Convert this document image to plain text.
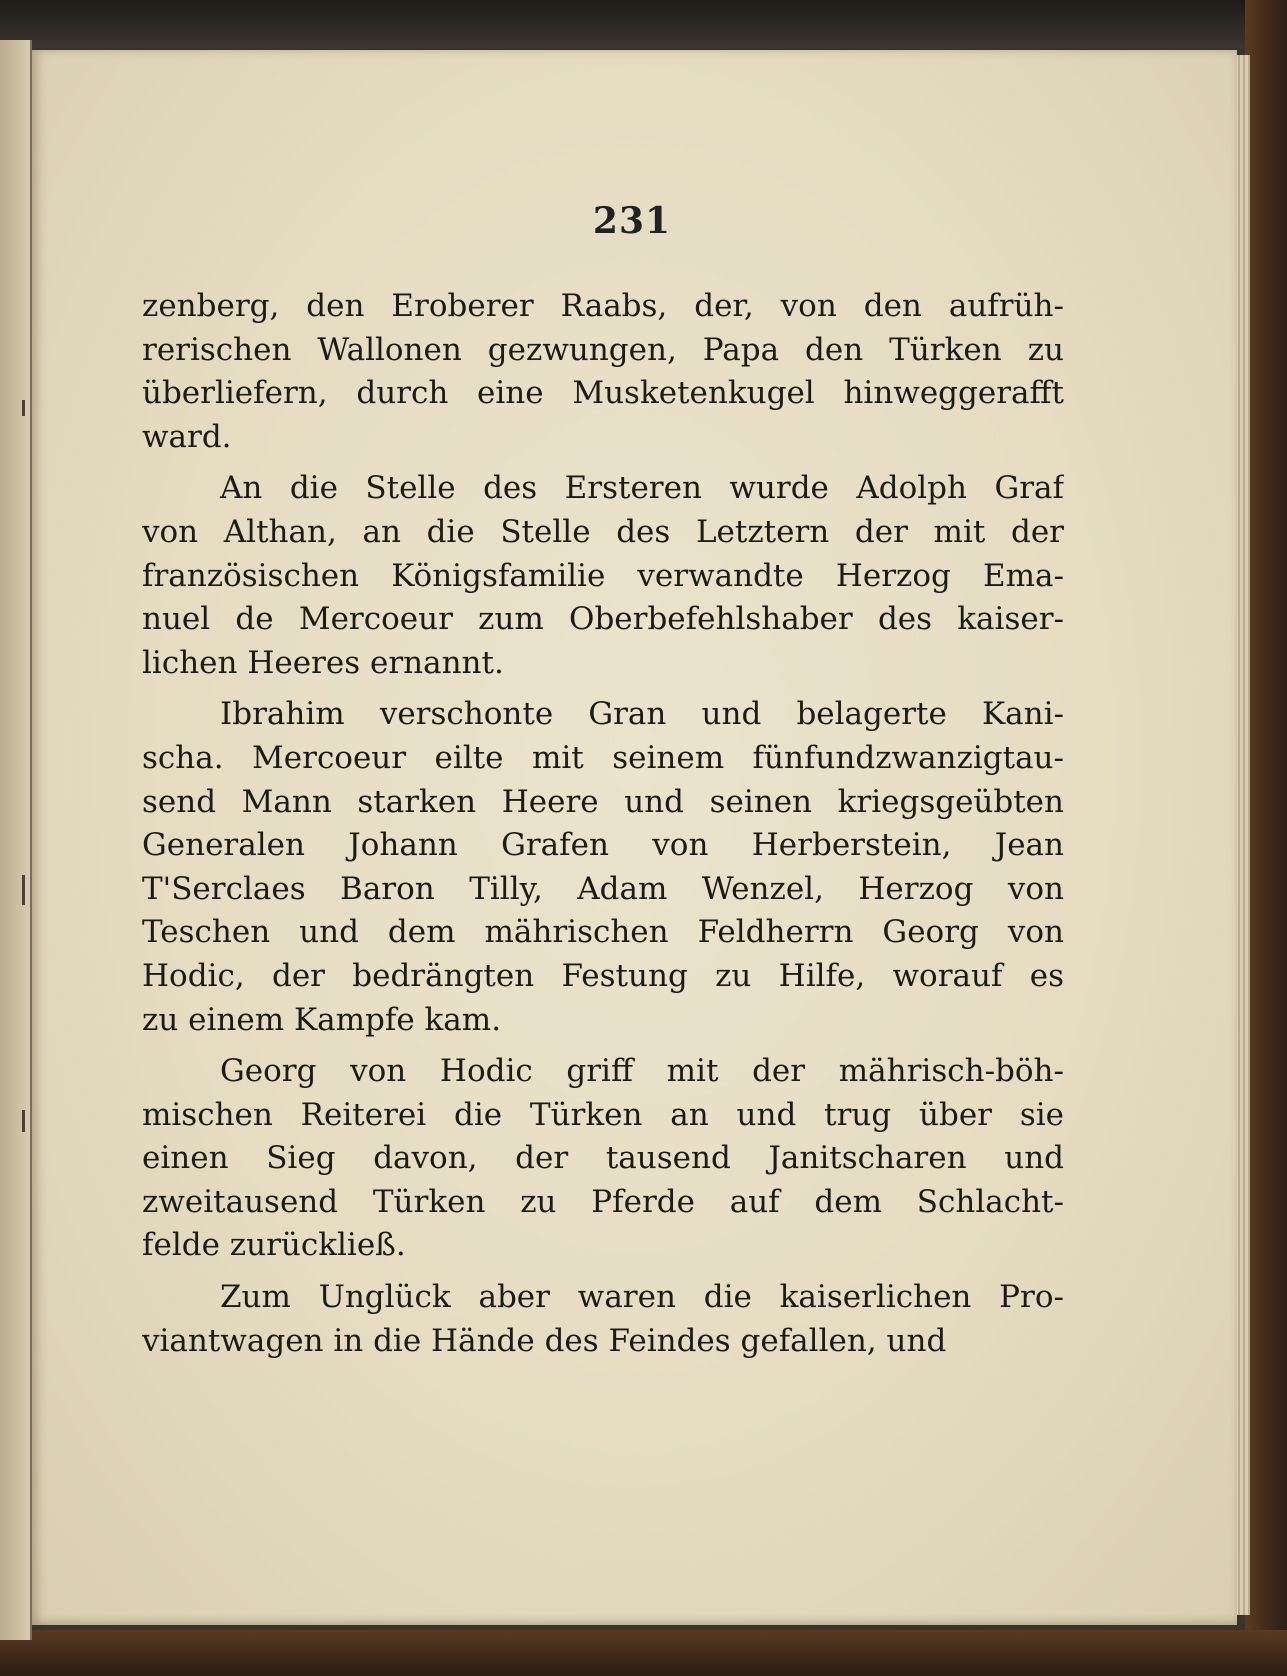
231
zenberg, den Eroberer Raabs, der, von den aufrüh-
rerischen Wallonen gezwungen, Papa den Türken zu
überliefern, durch eine Musketenkugel hinweggerafft
ward.
An die Stelle des Ersteren wurde Adolph Graf
von Althan, an die Stelle des Letztern der mit der
französischen Königsfamilie verwandte Herzog Ema-
nuel de Mercoeur zum Oberbefehlshaber des kaiser-
lichen Heeres ernannt.
Ibrahim verschonte Gran und belagerte Kani-
scha. Mercoeur eilte mit seinem fünfundzwanzigtau-
send Mann starken Heere und seinen kriegsgeübten
Generalen Johann Grafen von Herberstein, Jean
T'Serclaes Baron Tilly, Adam Wenzel, Herzog von
Teschen und dem mährischen Feldherrn Georg von
Hodic, der bedrängten Festung zu Hilfe, worauf es
zu einem Kampfe kam.
Georg von Hodic griff mit der mährisch-böh-
mischen Reiterei die Türken an und trug über sie
einen Sieg davon, der tausend Janitscharen und
zweitausend Türken zu Pferde auf dem Schlacht-
felde zurückließ.
Zum Unglück aber waren die kaiserlichen Pro-
viantwagen in die Hände des Feindes gefallen, und
